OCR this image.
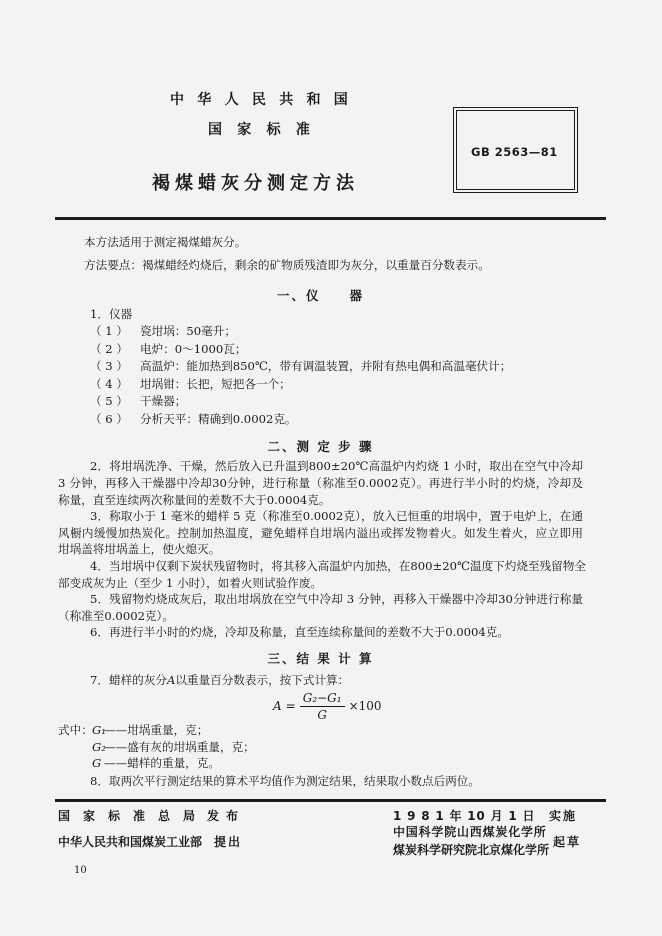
中华人民共和国
国家标准
褐煤蜡灰分测定方法
GB 2563—81
本方法适用于测定褐煤蜡灰分。
方法要点：褐煤蜡经灼烧后，剩余的矿物质残渣即为灰分，以重量百分数表示。
一、仪　　器
1．仪器
（ 1 ） 瓷坩埚：50毫升；
（ 2 ） 电炉：0～1000瓦；
（ 3 ） 高温炉：能加热到850℃，带有调温装置，并附有热电偶和高温毫伏计；
（ 4 ） 坩埚钳：长把，短把各一个；
（ 5 ） 干燥器；
（ 6 ） 分析天平：精确到0.0002克。
二、测 定 步 骤
2．将坩埚洗净、干燥，然后放入已升温到800±20℃高温炉内灼烧 1 小时，取出在空气中冷却
3 分钟，再移入干燥器中冷却30分钟，进行称量（称准至0.0002克）。再进行半小时的灼烧，冷却及
称量，直至连续两次称量间的差数不大于0.0004克。
3．称取小于 1 毫米的蜡样 5 克（称准至0.0002克），放入已恒重的坩埚中，置于电炉上，在通
风橱内缓慢加热炭化。控制加热温度，避免蜡样自坩埚内溢出或挥发物着火。如发生着火，应立即用
坩埚盖将坩埚盖上，使火熄灭。
4．当坩埚中仅剩下炭状残留物时，将其移入高温炉内加热，在800±20℃温度下灼烧至残留物全
部变成灰为止（至少 1 小时），如着火则试验作废。
5．残留物灼烧成灰后，取出坩埚放在空气中冷却 3 分钟，再移入干燥器中冷却30分钟进行称量
（称准至0.0002克）。
6．再进行半小时的灼烧，冷却及称量，直至连续称量间的差数不大于0.0004克。
三、结 果 计 算
7．蜡样的灰分A以重量百分数表示，按下式计算：
$A = \frac{\text{G₂−G₁}}{G} \times 100$
式中：G₁——坩埚重量，克；
G₂——盛有灰的坩埚重量，克；
G ——蜡样的重量，克。
8．取两次平行测定结果的算术平均值作为测定结果，结果取小数点后两位。
国家标准总局
发布	1 9 8 1 年 10 月 1 日 实施
中华人民共和国煤炭工业部 提出
中国科学院山西煤炭化学所
煤炭科学研究院北京煤化学所
起草
10
